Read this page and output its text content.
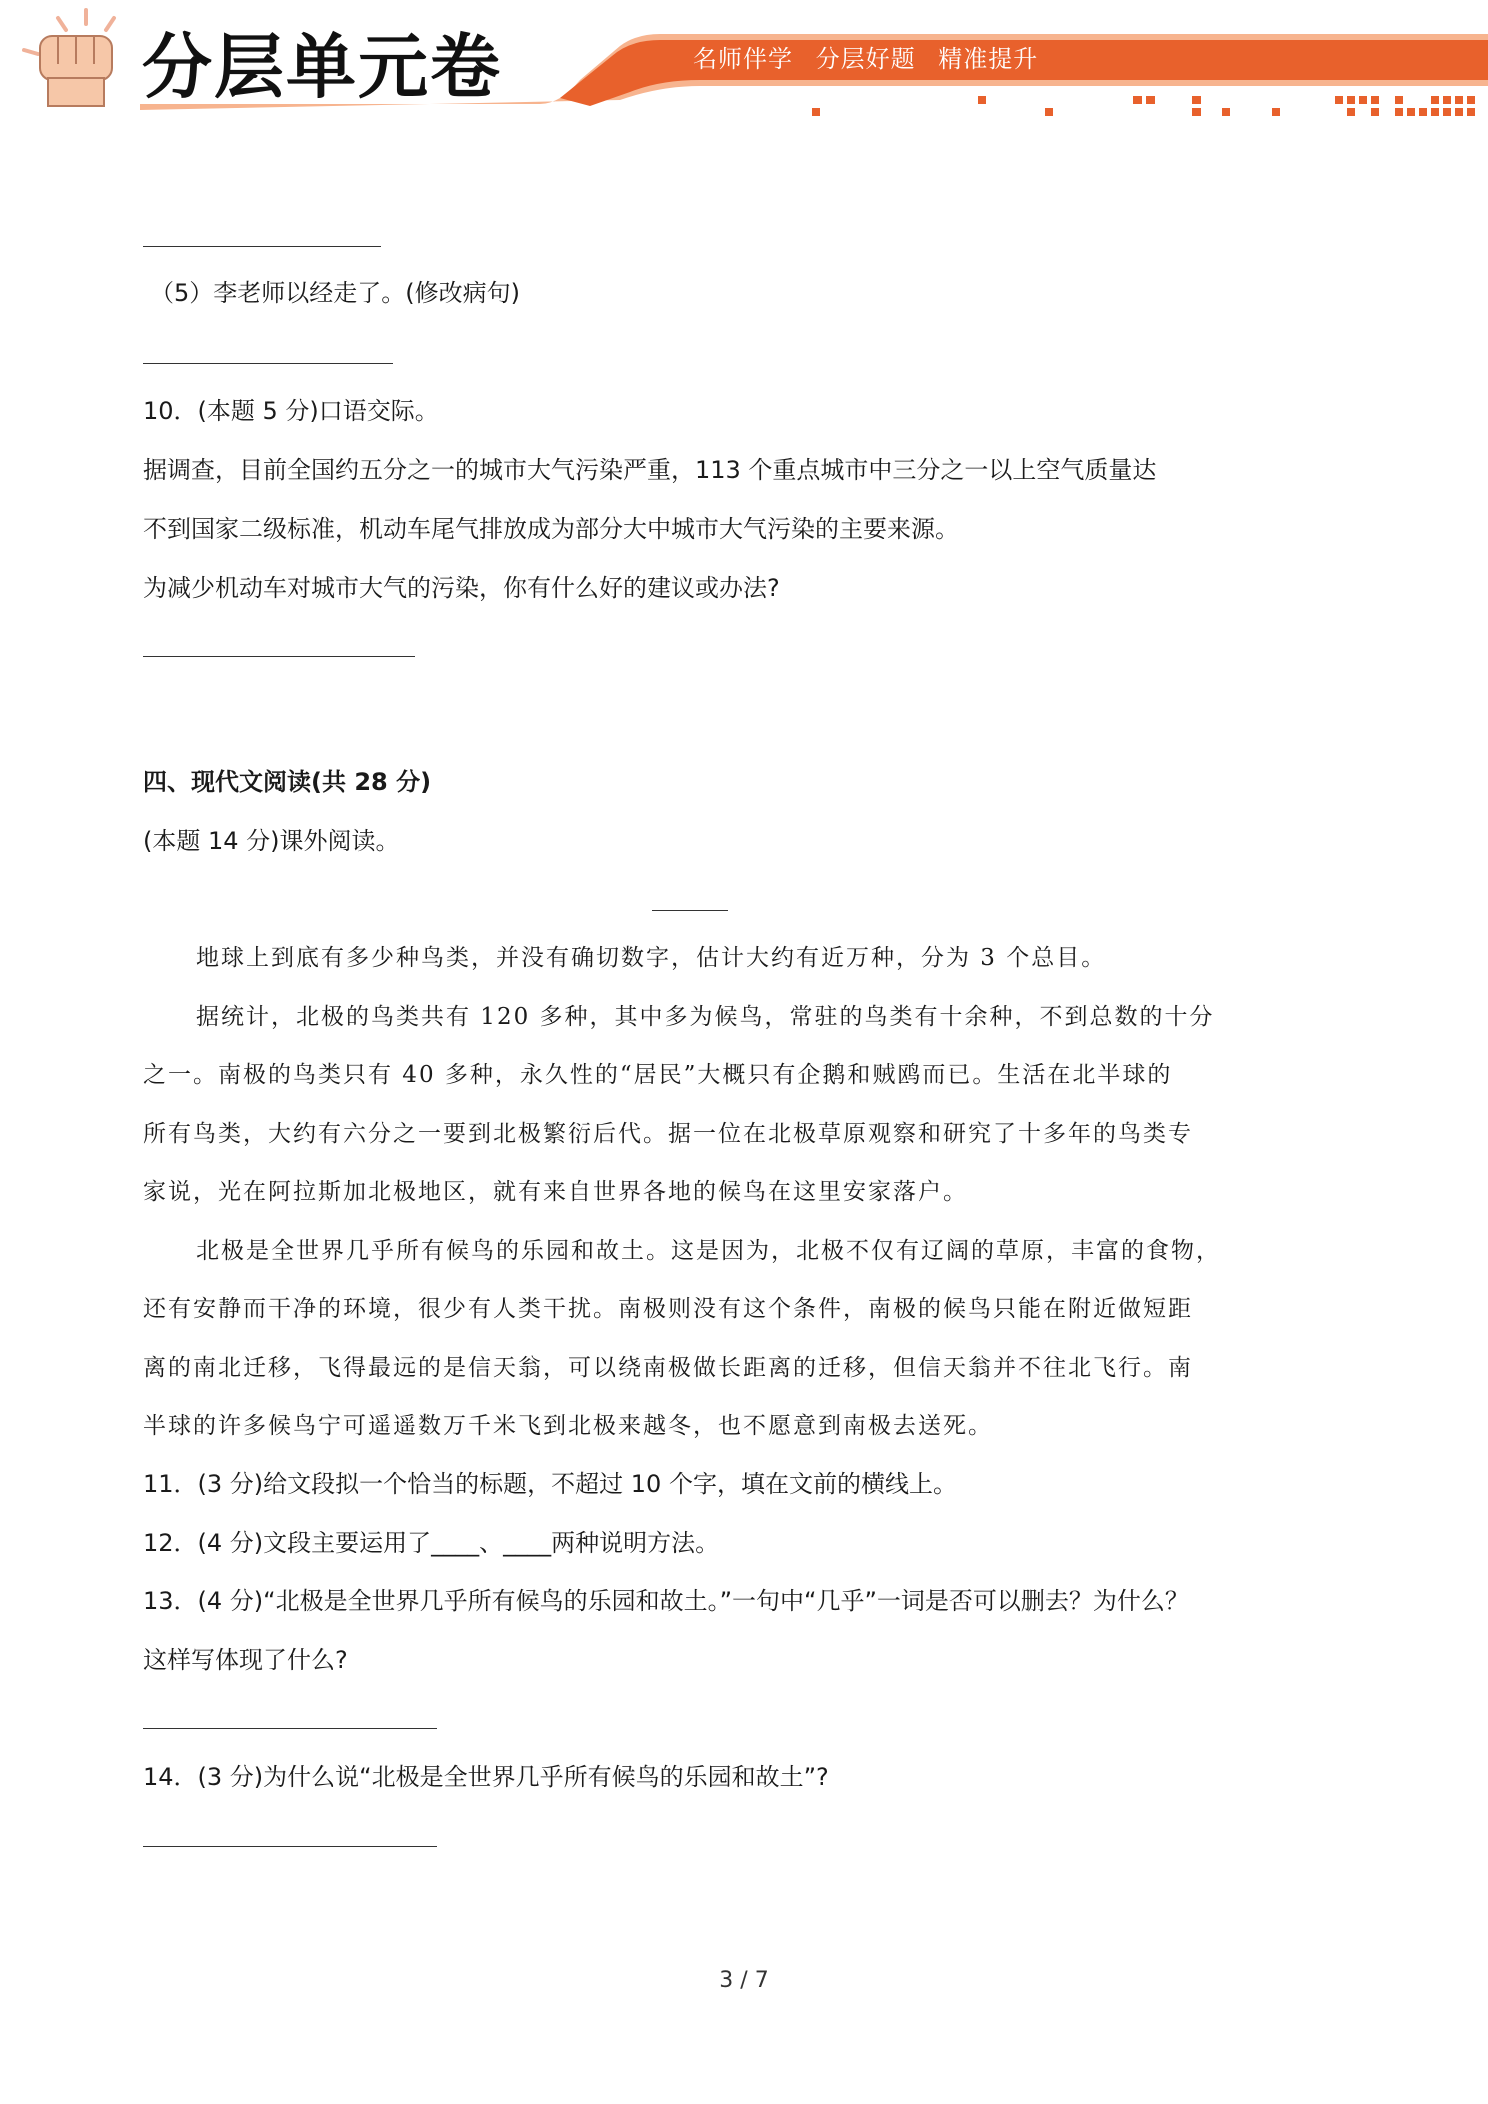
分层单元卷	名师伴学 分层好题 精准提升
（5）李老师以经走了。(修改病句)
10．(本题 5 分)口语交际。
据调查，目前全国约五分之一的城市大气污染严重，113 个重点城市中三分之一以上空气质量达
不到国家二级标准，机动车尾气排放成为部分大中城市大气污染的主要来源。
为减少机动车对城市大气的污染，你有什么好的建议或办法?
四、现代文阅读(共 28 分)
(本题 14 分)课外阅读。
地球上到底有多少种鸟类，并没有确切数字，估计大约有近万种，分为 3 个总目。
据统计，北极的鸟类共有 120 多种，其中多为候鸟，常驻的鸟类有十余种，不到总数的十分
之一。南极的鸟类只有 40 多种，永久性的“居民”大概只有企鹅和贼鸥而已。生活在北半球的
所有鸟类，大约有六分之一要到北极繁衍后代。据一位在北极草原观察和研究了十多年的鸟类专
家说，光在阿拉斯加北极地区，就有来自世界各地的候鸟在这里安家落户。
北极是全世界几乎所有候鸟的乐园和故土。这是因为，北极不仅有辽阔的草原，丰富的食物，
还有安静而干净的环境，很少有人类干扰。南极则没有这个条件，南极的候鸟只能在附近做短距
离的南北迁移，飞得最远的是信天翁，可以绕南极做长距离的迁移，但信天翁并不往北飞行。南
半球的许多候鸟宁可遥遥数万千米飞到北极来越冬，也不愿意到南极去送死。
11．(3 分)给文段拟一个恰当的标题，不超过 10 个字，填在文前的横线上。
12．(4 分)文段主要运用了____、____两种说明方法。
13．(4 分)“北极是全世界几乎所有候鸟的乐园和故土。”一句中“几乎”一词是否可以删去？为什么？
这样写体现了什么?
14．(3 分)为什么说“北极是全世界几乎所有候鸟的乐园和故土”?
3 / 7
